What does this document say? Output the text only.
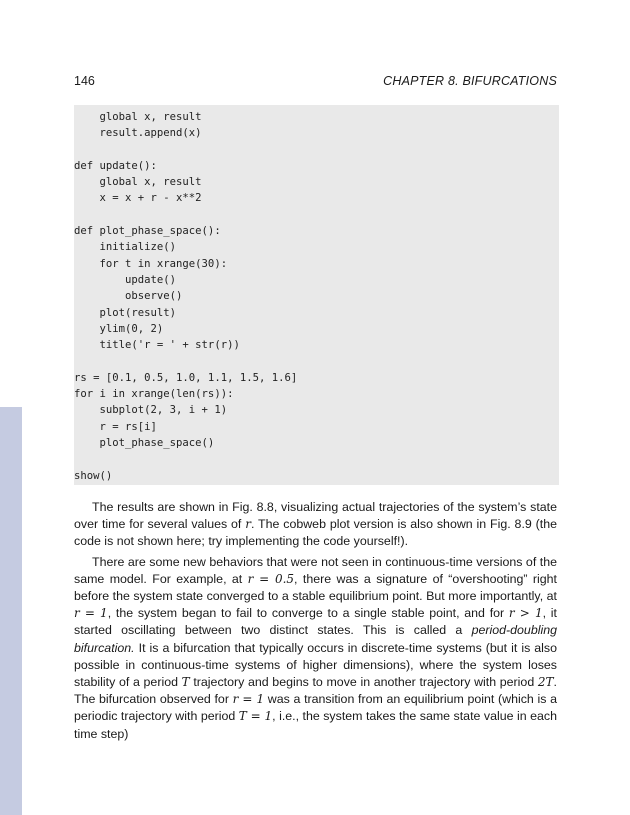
146	CHAPTER 8. BIFURCATIONS
global x, result
result.append(x)
def update():
global x, result
x = x + r - x**2
def plot_phase_space():
initialize()
for t in xrange(30):
update()
observe()
plot(result)
ylim(0, 2)
title('r = ' + str(r))
rs = [0.1, 0.5, 1.0, 1.1, 1.5, 1.6]
for i in xrange(len(rs)):
subplot(2, 3, i + 1)
r = rs[i]
plot_phase_space()
show()

The results are shown in Fig. 8.8, visualizing actual trajectories of the system’s state over time for several values of r. The cobweb plot version is also shown in Fig. 8.9 (the code is not shown here; try implementing the code yourself!).

There are some new behaviors that were not seen in continuous-time versions of the same model. For example, at r = 0.5, there was a signature of “overshooting” right before the system state converged to a stable equilibrium point. But more importantly, at r = 1, the system began to fail to converge to a single stable point, and for r > 1, it started oscillating between two distinct states. This is called a period-doubling bifurcation. It is a bifurcation that typically occurs in discrete-time systems (but it is also possible in continuous-time systems of higher dimensions), where the system loses stability of a period T trajectory and begins to move in another trajectory with period 2T. The bifurcation observed for r = 1 was a transition from an equilibrium point (which is a periodic trajectory with period T = 1, i.e., the system takes the same state value in each time step)
